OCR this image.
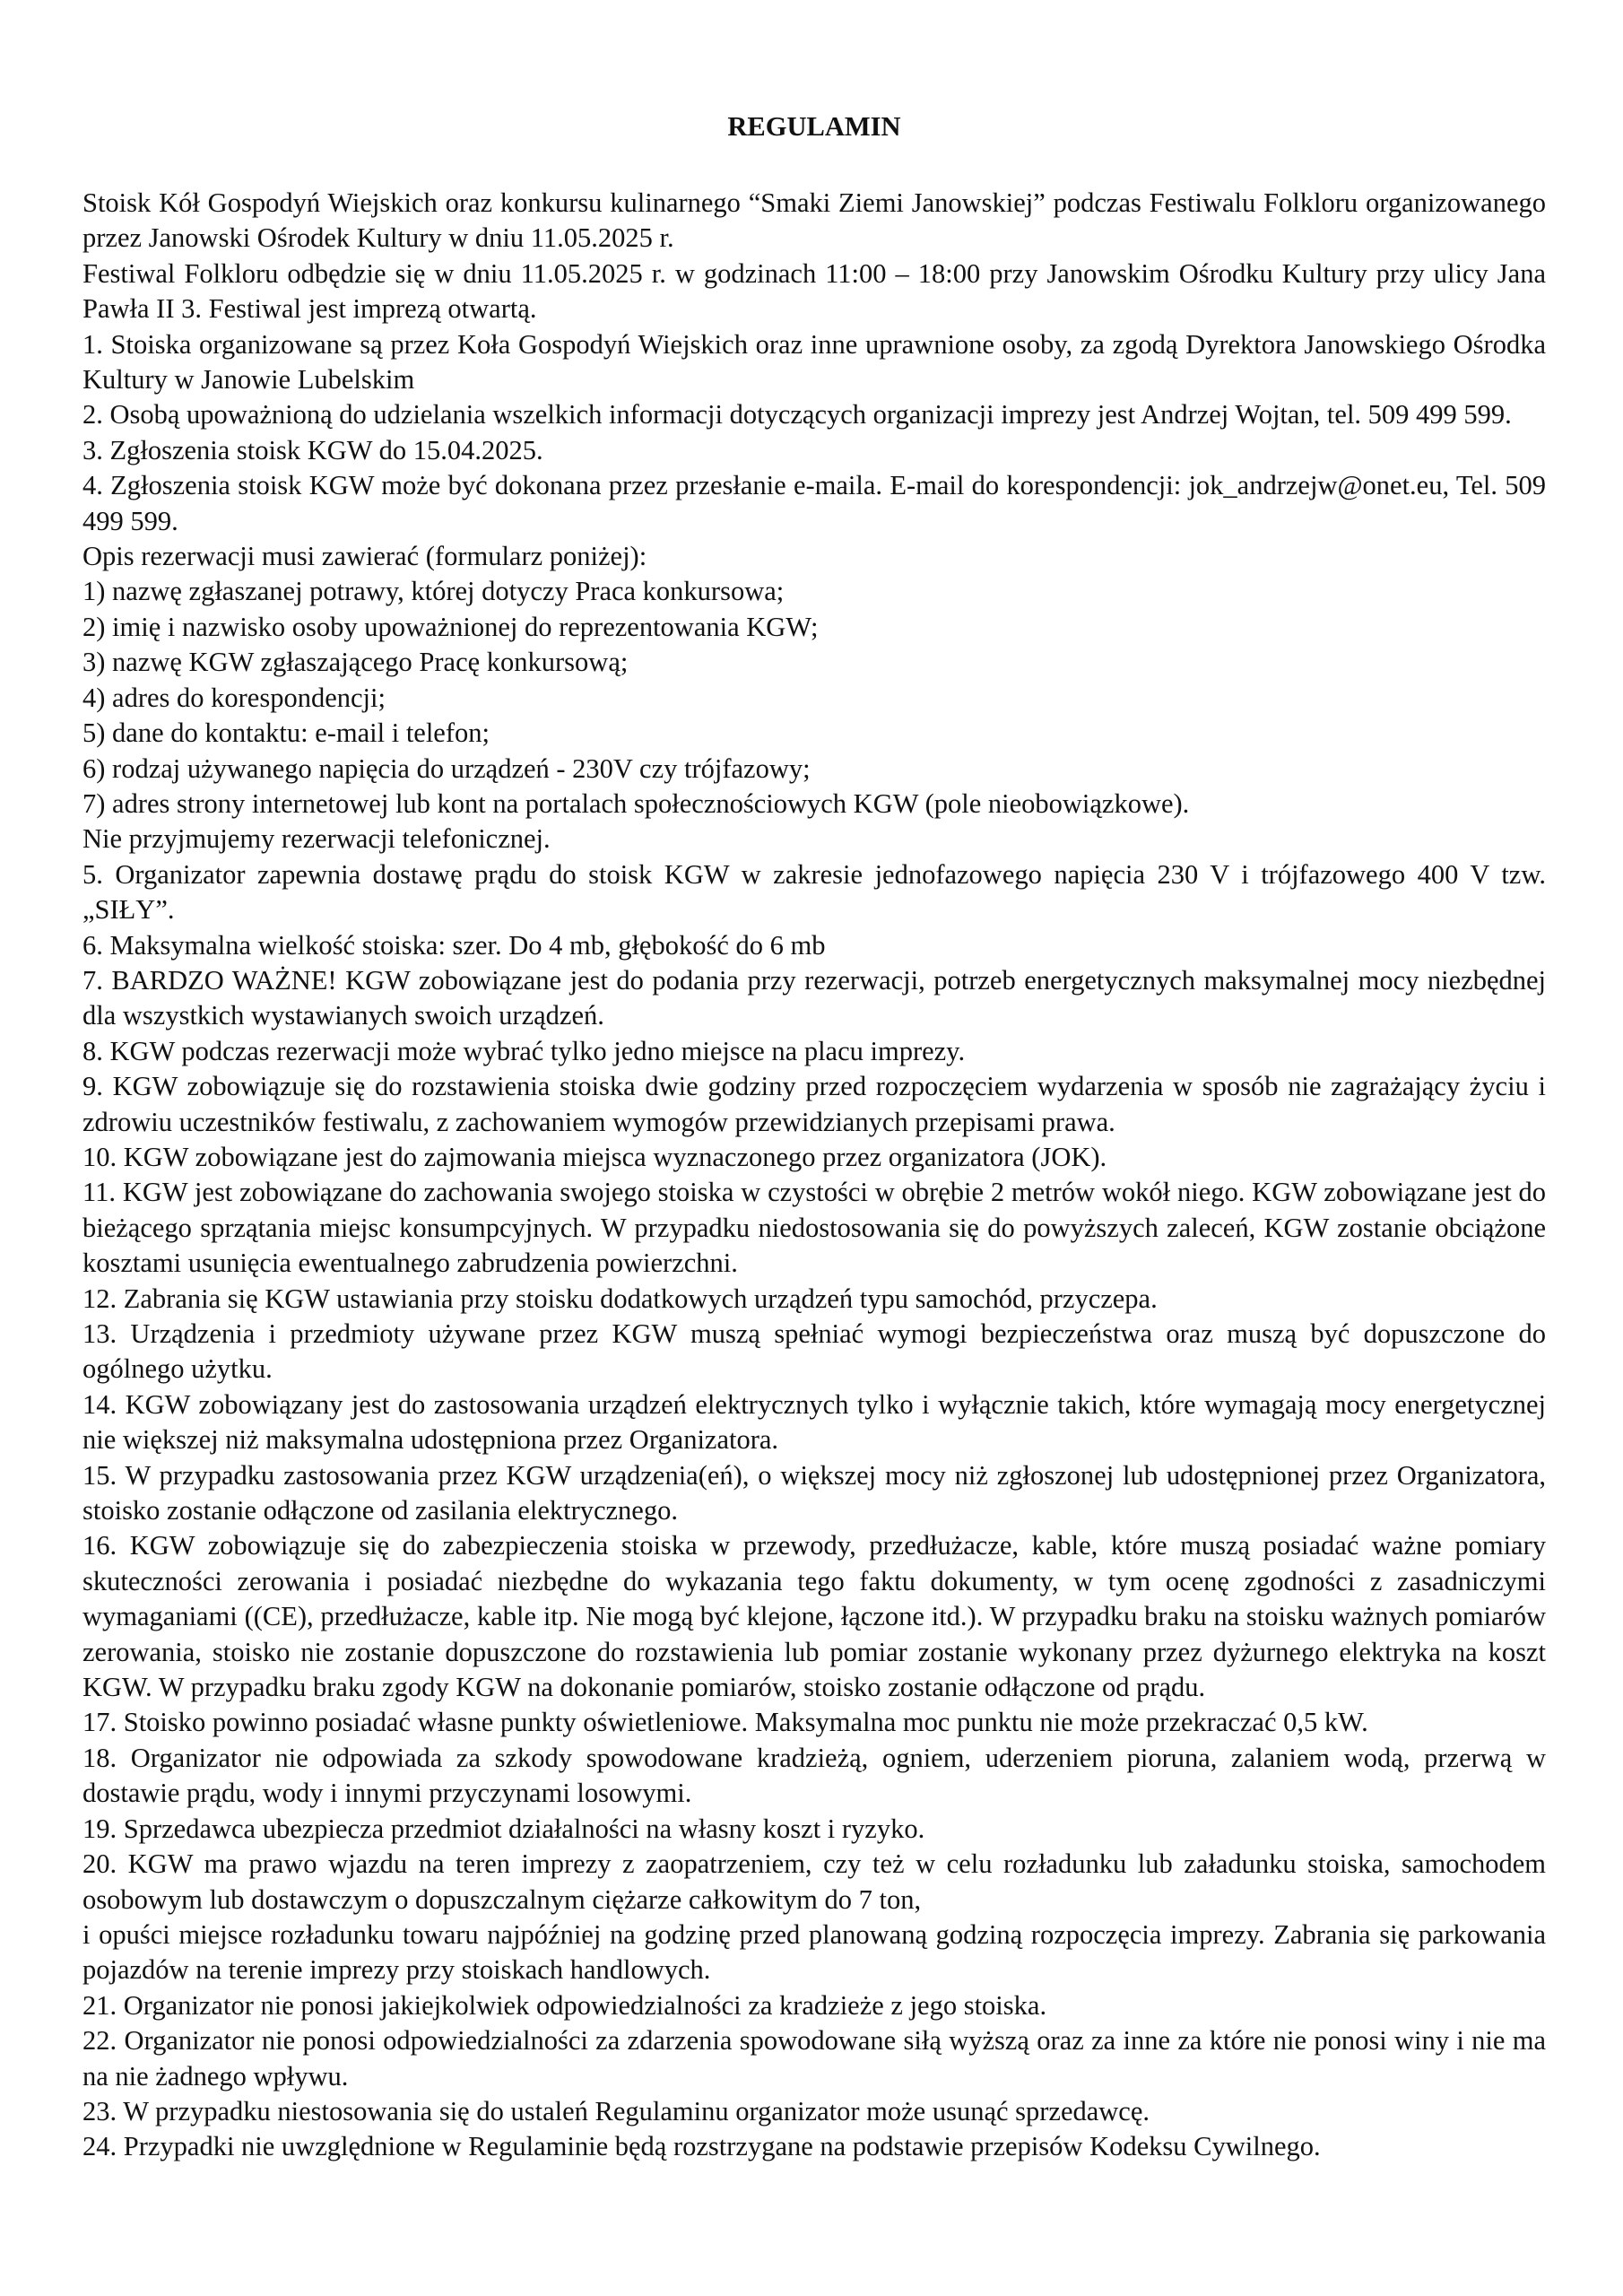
REGULAMIN

Stoisk Kół Gospodyń Wiejskich oraz konkursu kulinarnego “Smaki Ziemi Janowskiej” podczas Festiwalu Folkloru organizowanego przez Janowski Ośrodek Kultury w dniu 11.05.2025 r.

Festiwal Folkloru odbędzie się w dniu 11.05.2025 r. w godzinach 11:00 – 18:00 przy Janowskim Ośrodku Kultury przy ulicy Jana Pawła II 3. Festiwal jest imprezą otwartą.

1. Stoiska organizowane są przez Koła Gospodyń Wiejskich oraz inne uprawnione osoby, za zgodą Dyrektora Janowskiego Ośrodka Kultury w Janowie Lubelskim

2. Osobą upoważnioną do udzielania wszelkich informacji dotyczących organizacji imprezy jest Andrzej Wojtan, tel. 509 499 599.

3. Zgłoszenia stoisk KGW do 15.04.2025.

4. Zgłoszenia stoisk KGW może być dokonana przez przesłanie e-maila. E-mail do korespondencji: jok_andrzejw@onet.eu, Tel. 509 499 599.

Opis rezerwacji musi zawierać (formularz poniżej):

1) nazwę zgłaszanej potrawy, której dotyczy Praca konkursowa;

2) imię i nazwisko osoby upoważnionej do reprezentowania KGW;

3) nazwę KGW zgłaszającego Pracę konkursową;

4) adres do korespondencji;

5) dane do kontaktu: e-mail i telefon;

6) rodzaj używanego napięcia do urządzeń - 230V czy trójfazowy;

7) adres strony internetowej lub kont na portalach społecznościowych KGW (pole nieobowiązkowe).

Nie przyjmujemy rezerwacji telefonicznej.

5. Organizator zapewnia dostawę prądu do stoisk KGW w zakresie jednofazowego napięcia 230 V i trójfazowego 400 V tzw. „SIŁY”.

6. Maksymalna wielkość stoiska: szer. Do 4 mb, głębokość do 6 mb

7. BARDZO WAŻNE! KGW zobowiązane jest do podania przy rezerwacji, potrzeb energetycznych maksymalnej mocy niezbędnej dla wszystkich wystawianych swoich urządzeń.

8. KGW podczas rezerwacji może wybrać tylko jedno miejsce na placu imprezy.

9. KGW zobowiązuje się do rozstawienia stoiska dwie godziny przed rozpoczęciem wydarzenia w sposób nie zagrażający życiu i zdrowiu uczestników festiwalu, z zachowaniem wymogów przewidzianych przepisami prawa.

10. KGW zobowiązane jest do zajmowania miejsca wyznaczonego przez organizatora (JOK).

11. KGW jest zobowiązane do zachowania swojego stoiska w czystości w obrębie 2 metrów wokół niego. KGW zobowiązane jest do bieżącego sprzątania miejsc konsumpcyjnych. W przypadku niedostosowania się do powyższych zaleceń, KGW zostanie obciążone kosztami usunięcia ewentualnego zabrudzenia powierzchni.

12. Zabrania się KGW ustawiania przy stoisku dodatkowych urządzeń typu samochód, przyczepa.

13. Urządzenia i przedmioty używane przez KGW muszą spełniać wymogi bezpieczeństwa oraz muszą być dopuszczone do ogólnego użytku.

14. KGW zobowiązany jest do zastosowania urządzeń elektrycznych tylko i wyłącznie takich, które wymagają mocy energetycznej nie większej niż maksymalna udostępniona przez Organizatora.

15. W przypadku zastosowania przez KGW urządzenia(eń), o większej mocy niż zgłoszonej lub udostępnionej przez Organizatora, stoisko zostanie odłączone od zasilania elektrycznego.

16. KGW zobowiązuje się do zabezpieczenia stoiska w przewody, przedłużacze, kable, które muszą posiadać ważne pomiary skuteczności zerowania i posiadać niezbędne do wykazania tego faktu dokumenty, w tym ocenę zgodności z zasadniczymi wymaganiami ((CE), przedłużacze, kable itp. Nie mogą być klejone, łączone itd.). W przypadku braku na stoisku ważnych pomiarów zerowania, stoisko nie zostanie dopuszczone do rozstawienia lub pomiar zostanie wykonany przez dyżurnego elektryka na koszt KGW. W przypadku braku zgody KGW na dokonanie pomiarów, stoisko zostanie odłączone od prądu.

17. Stoisko powinno posiadać własne punkty oświetleniowe. Maksymalna moc punktu nie może przekraczać 0,5 kW.

18. Organizator nie odpowiada za szkody spowodowane kradzieżą, ogniem, uderzeniem pioruna, zalaniem wodą, przerwą w dostawie prądu, wody i innymi przyczynami losowymi.

19. Sprzedawca ubezpiecza przedmiot działalności na własny koszt i ryzyko.

20. KGW ma prawo wjazdu na teren imprezy z zaopatrzeniem, czy też w celu rozładunku lub załadunku stoiska, samochodem osobowym lub dostawczym o dopuszczalnym ciężarze całkowitym do 7 ton,

i opuści miejsce rozładunku towaru najpóźniej na godzinę przed planowaną godziną rozpoczęcia imprezy. Zabrania się parkowania pojazdów na terenie imprezy przy stoiskach handlowych.

21. Organizator nie ponosi jakiejkolwiek odpowiedzialności za kradzieże z jego stoiska.

22. Organizator nie ponosi odpowiedzialności za zdarzenia spowodowane siłą wyższą oraz za inne za które nie ponosi winy i nie ma na nie żadnego wpływu.

23. W przypadku niestosowania się do ustaleń Regulaminu organizator może usunąć sprzedawcę.

24. Przypadki nie uwzględnione w Regulaminie będą rozstrzygane na podstawie przepisów Kodeksu Cywilnego.
